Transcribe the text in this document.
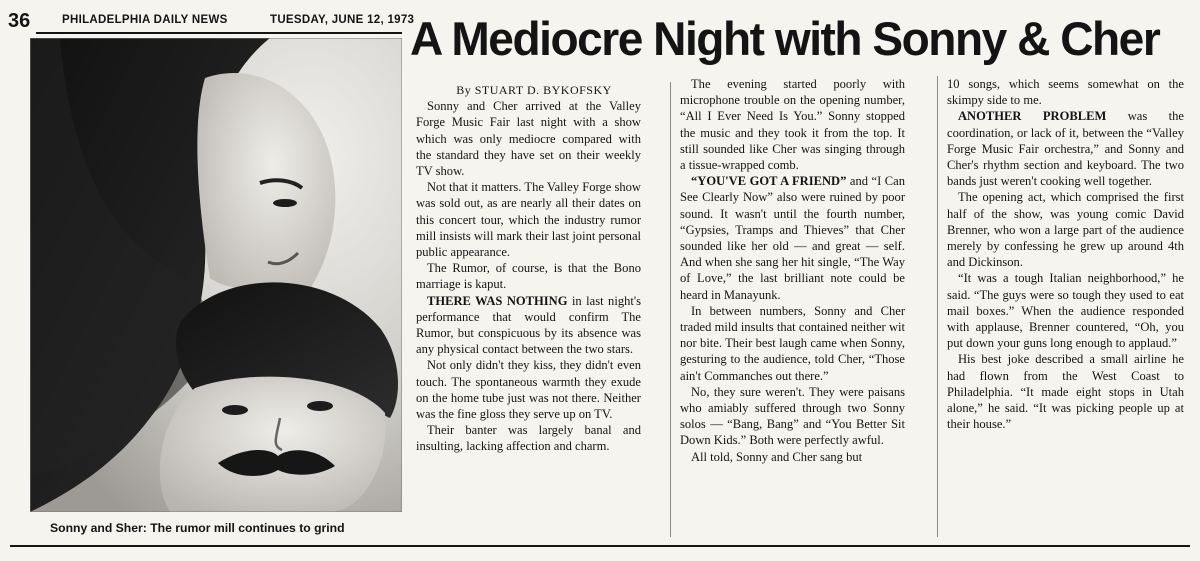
36	PHILADELPHIA DAILY NEWS	TUESDAY, JUNE 12, 1973
A Mediocre Night with Sonny & Cher
Sonny and Sher: The rumor mill continues to grind

By STUART D. BYKOFSKY

Sonny and Cher arrived at the Valley Forge Music Fair last night with a show which was only mediocre compared with the standard they have set on their weekly TV show.

Not that it matters. The Valley Forge show was sold out, as are nearly all their dates on this concert tour, which the industry rumor mill insists will mark their last joint personal public appearance.

The Rumor, of course, is that the Bono marriage is kaput.

THERE WAS NOTHING in last night's performance that would confirm The Rumor, but conspicuous by its absence was any physical contact between the two stars.

Not only didn't they kiss, they didn't even touch. The spontaneous warmth they exude on the home tube just was not there. Neither was the fine gloss they serve up on TV.

Their banter was largely banal and insulting, lacking affection and charm.

The evening started poorly with microphone trouble on the opening number, “All I Ever Need Is You.” Sonny stopped the music and they took it from the top. It still sounded like Cher was singing through a tissue-wrapped comb.

“YOU'VE GOT A FRIEND” and “I Can See Clearly Now” also were ruined by poor sound. It wasn't until the fourth number, “Gypsies, Tramps and Thieves” that Cher sounded like her old — and great — self. And when she sang her hit single, “The Way of Love,” the last brilliant note could be heard in Manayunk.

In between numbers, Sonny and Cher traded mild insults that contained neither wit nor bite. Their best laugh came when Sonny, gesturing to the audience, told Cher, “Those ain't Commanches out there.”

No, they sure weren't. They were paisans who amiably suffered through two Sonny solos — “Bang, Bang” and “You Better Sit Down Kids.” Both were perfectly awful.

All told, Sonny and Cher sang but

10 songs, which seems somewhat on the skimpy side to me.

ANOTHER PROBLEM was the coordination, or lack of it, between the “Valley Forge Music Fair orchestra,” and Sonny and Cher's rhythm section and keyboard. The two bands just weren't cooking well together.

The opening act, which comprised the first half of the show, was young comic David Brenner, who won a large part of the audience merely by confessing he grew up around 4th and Dickinson.

“It was a tough Italian neighborhood,” he said. “The guys were so tough they used to eat mail boxes.” When the audience responded with applause, Brenner countered, “Oh, you put down your guns long enough to applaud.”

His best joke described a small airline he had flown from the West Coast to Philadelphia. “It made eight stops in Utah alone,” he said. “It was picking people up at their house.”
